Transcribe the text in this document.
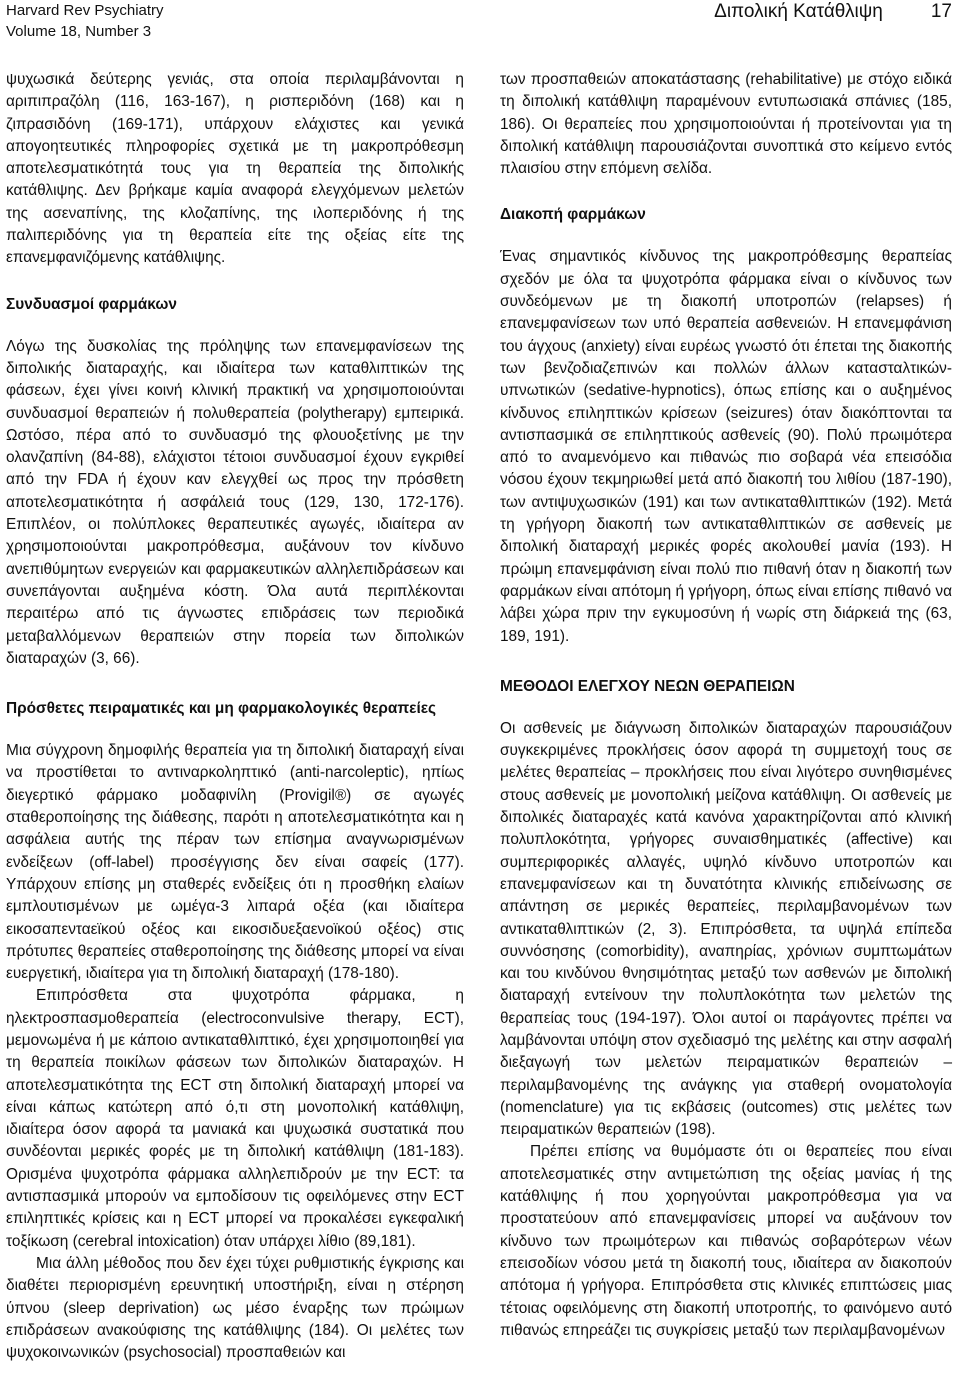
Harvard Rev Psychiatry
Volume 18, Number 3
Διπολική Κατάθλιψη	17

ψυχωσικά δεύτερης γενιάς, στα οποία περιλαμβάνονται η αριπιπραζόλη (116, 163-167), η ρισπεριδόνη (168) και η ζιπρασιδόνη (169-171), υπάρχουν ελάχιστες και γενικά απογοητευτικές πληροφορίες σχετικά με τη μακροπρόθεσμη αποτελεσματικότητά τους για τη θεραπεία της διπολικής κατάθλιψης. Δεν βρήκαμε καμία αναφορά ελεγχόμενων μελετών της ασεναπίνης, της κλοζαπίνης, της ιλοπεριδόνης ή της παλιπεριδόνης για τη θεραπεία είτε της οξείας είτε της επανεμφανιζόμενης κατάθλιψης.

Συνδυασμοί φαρμάκων

Λόγω της δυσκολίας της πρόληψης των επανεμφανίσεων της διπολικής διαταραχής, και ιδιαίτερα των καταθλιπτικών της φάσεων, έχει γίνει κοινή κλινική πρακτική να χρησιμοποιούνται συνδυασμοί θεραπειών ή πολυθεραπεία (polytherapy) εμπειρικά. Ωστόσο, πέρα από το συνδυασμό της φλουοξετίνης με την ολανζαπίνη (84-88), ελάχιστοι τέτοιοι συνδυασμοί έχουν εγκριθεί από την FDA ή έχουν καν ελεγχθεί ως προς την πρόσθετη αποτελεσματικότητα ή ασφάλειά τους (129, 130, 172-176). Επιπλέον, οι πολύπλοκες θεραπευτικές αγωγές, ιδιαίτερα αν χρησιμοποιούνται μακροπρόθεσμα, αυξάνουν τον κίνδυνο ανεπιθύμητων ενεργειών και φαρμακευτικών αλληλεπιδράσεων και συνεπάγονται αυξημένα κόστη. Όλα αυτά περιπλέκονται περαιτέρω από τις άγνωστες επιδράσεις των περιοδικά μεταβαλλόμενων θεραπειών στην πορεία των διπολικών διαταραχών (3, 66).

Πρόσθετες πειραματικές και μη φαρμακολογικές θεραπείες

Μια σύγχρονη δημοφιλής θεραπεία για τη διπολική διαταραχή είναι να προστίθεται το αντιναρκοληπτικό (anti-narcoleptic), ηπίως διεγερτικό φάρμακο μοδαφινίλη (Provigil®) σε αγωγές σταθεροποίησης της διάθεσης, παρότι η αποτελεσματικότητα και η ασφάλεια αυτής της πέραν των επίσημα αναγνωρισμένων ενδείξεων (off-label) προσέγγισης δεν είναι σαφείς (177). Υπάρχουν επίσης μη σταθερές ενδείξεις ότι η προσθήκη ελαίων εμπλουτισμένων με ωμέγα-3 λιπαρά οξέα (και ιδιαίτερα εικοσαπενταεϊκού οξέος και εικοσιδυεξαενοϊκού οξέος) στις πρότυπες θεραπείες σταθεροποίησης της διάθεσης μπορεί να είναι ευεργετική, ιδιαίτερα για τη διπολική διαταραχή (178-180).

Επιπρόσθετα στα ψυχοτρόπα φάρμακα, η ηλεκτροσπασμοθεραπεία (electroconvulsive therapy, ECT), μεμονωμένα ή με κάποιο αντικαταθλιπτικό, έχει χρησιμοποιηθεί για τη θεραπεία ποικίλων φάσεων των διπολικών διαταραχών. Η αποτελεσματικότητα της ECT στη διπολική διαταραχή μπορεί να είναι κάπως κατώτερη από ό,τι στη μονοπολική κατάθλιψη, ιδιαίτερα όσον αφορά τα μανιακά και ψυχωσικά συστατικά που συνδέονται μερικές φορές με τη διπολική κατάθλιψη (181-183). Ορισμένα ψυχοτρόπα φάρμακα αλληλεπιδρούν με την ECT: τα αντισπασμικά μπορούν να εμποδίσουν τις οφειλόμενες στην ECT επιληπτικές κρίσεις και η ECT μπορεί να προκαλέσει εγκεφαλική τοξίκωση (cerebral intoxication) όταν υπάρχει λίθιο (89,181).

Μια άλλη μέθοδος που δεν έχει τύχει ρυθμιστικής έγκρισης και διαθέτει περιορισμένη ερευνητική υποστήριξη, είναι η στέρηση ύπνου (sleep deprivation) ως μέσο έναρξης των πρώιμων επιδράσεων ανακούφισης της κατάθλιψης (184). Οι μελέτες των ψυχοκοινωνικών (psychosocial) προσπαθειών και

των προσπαθειών αποκατάστασης (rehabilitative) με στόχο ειδικά τη διπολική κατάθλιψη παραμένουν εντυπωσιακά σπάνιες (185, 186). Οι θεραπείες που χρησιμοποιούνται ή προτείνονται για τη διπολική κατάθλιψη παρουσιάζονται συνοπτικά στο κείμενο εντός πλαισίου στην επόμενη σελίδα.

Διακοπή φαρμάκων

Ένας σημαντικός κίνδυνος της μακροπρόθεσμης θεραπείας σχεδόν με όλα τα ψυχοτρόπα φάρμακα είναι ο κίνδυνος των συνδεόμενων με τη διακοπή υποτροπών (relapses) ή επανεμφανίσεων των υπό θεραπεία ασθενειών. Η επανεμφάνιση του άγχους (anxiety) είναι ευρέως γνωστό ότι έπεται της διακοπής των βενζοδιαζεπινών και πολλών άλλων κατασταλτικών-υπνωτικών (sedative-hypnotics), όπως επίσης και ο αυξημένος κίνδυνος επιληπτικών κρίσεων (seizures) όταν διακόπτονται τα αντισπασμικά σε επιληπτικούς ασθενείς (90). Πολύ πρωιμότερα από το αναμενόμενο και πιθανώς πιο σοβαρά νέα επεισόδια νόσου έχουν τεκμηριωθεί μετά από διακοπή του λιθίου (187-190), των αντιψυχωσικών (191) και των αντικαταθλιπτικών (192). Μετά τη γρήγορη διακοπή των αντικαταθλιπτικών σε ασθενείς με διπολική διαταραχή μερικές φορές ακολουθεί μανία (193). Η πρώιμη επανεμφάνιση είναι πολύ πιο πιθανή όταν η διακοπή των φαρμάκων είναι απότομη ή γρήγορη, όπως είναι επίσης πιθανό να λάβει χώρα πριν την εγκυμοσύνη ή νωρίς στη διάρκειά της (63, 189, 191).

ΜΕΘΟΔΟΙ ΕΛΕΓΧΟΥ ΝΕΩΝ ΘΕΡΑΠΕΙΩΝ

Οι ασθενείς με διάγνωση διπολικών διαταραχών παρουσιάζουν συγκεκριμένες προκλήσεις όσον αφορά τη συμμετοχή τους σε μελέτες θεραπείας – προκλήσεις που είναι λιγότερο συνηθισμένες στους ασθενείς με μονοπολική μείζονα κατάθλιψη. Οι ασθενείς με διπολικές διαταραχές κατά κανόνα χαρακτηρίζονται από κλινική πολυπλοκότητα, γρήγορες συναισθηματικές (affective) και συμπεριφορικές αλλαγές, υψηλό κίνδυνο υποτροπών και επανεμφανίσεων και τη δυνατότητα κλινικής επιδείνωσης σε απάντηση σε μερικές θεραπείες, περιλαμβανομένων των αντικαταθλιπτικών (2, 3). Επιπρόσθετα, τα υψηλά επίπεδα συννόσησης (comorbidity), αναπηρίας, χρόνιων συμπτωμάτων και του κινδύνου θνησιμότητας μεταξύ των ασθενών με διπολική διαταραχή εντείνουν την πολυπλοκότητα των μελετών της θεραπείας τους (194-197). Όλοι αυτοί οι παράγοντες πρέπει να λαμβάνονται υπόψη στον σχεδιασμό της μελέτης και στην ασφαλή διεξαγωγή των μελετών πειραματικών θεραπειών – περιλαμβανομένης της ανάγκης για σταθερή ονοματολογία (nomenclature) για τις εκβάσεις (outcomes) στις μελέτες των πειραματικών θεραπειών (198).

Πρέπει επίσης να θυμόμαστε ότι οι θεραπείες που είναι αποτελεσματικές στην αντιμετώπιση της οξείας μανίας ή της κατάθλιψης ή που χορηγούνται μακροπρόθεσμα για να προστατεύουν από επανεμφανίσεις μπορεί να αυξάνουν τον κίνδυνο των πρωιμότερων και πιθανώς σοβαρότερων νέων επεισοδίων νόσου μετά τη διακοπή τους, ιδιαίτερα αν διακοπούν απότομα ή γρήγορα. Επιπρόσθετα στις κλινικές επιπτώσεις μιας τέτοιας οφειλόμενης στη διακοπή υποτροπής, το φαινόμενο αυτό πιθανώς επηρεάζει τις συγκρίσεις μεταξύ των περιλαμβανομένων
